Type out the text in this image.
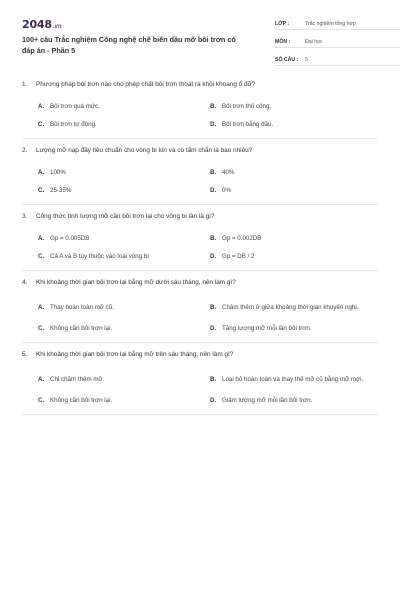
2048 .vn
100+ câu Trắc nghiệm Công nghệ chế biến dầu mỡ bôi trơn có đáp án - Phần 5
LỚP :	Trắc nghiệm tổng hợp
MÔN :	Đại học
SỐ CÂU :	5
1.	Phương pháp bôi trơn nào cho phép chất bôi trơn thoát ra khỏi khoang ổ đỡ?
A. Bôi trơn quá mức.	B. Bôi trơn thủ công.
C. Bôi trơn tự động.	D. Bôi trơn bằng dầu.
2.	Lượng mỡ nạp đầy tiêu chuẩn cho vòng bi kín và có tấm chắn là bao nhiêu?
A. 100%	B. 40%
C. 25-35%	D. 0%
3.	Công thức tính lượng mỡ cần bôi trơn lại cho vòng bi lần là gì?
A. Gp = 0.005DB	B. Gp = 0.002DB
C. Cả A và B tùy thuộc vào loại vòng bi	D. Gp = DB / 2
4.	Khi khoảng thời gian bôi trơn lại bằng mỡ dưới sáu tháng, nên làm gì?
A. Thay hoàn toàn mỡ cũ.	B. Châm thêm ở giữa khoảng thời gian khuyến nghị.
C. Không cần bôi trơn lại.	D. Tăng lượng mỡ mỗi lần bôi trơn.
5.	Khi khoảng thời gian bôi trơn lại bằng mỡ trên sáu tháng, nên làm gì?
A. Chỉ châm thêm mỡ.	B. Loại bỏ hoàn toàn và thay thế mỡ cũ bằng mỡ mới.
C. Không cần bôi trơn lại.	D. Giảm lượng mỡ mỗi lần bôi trơn.
